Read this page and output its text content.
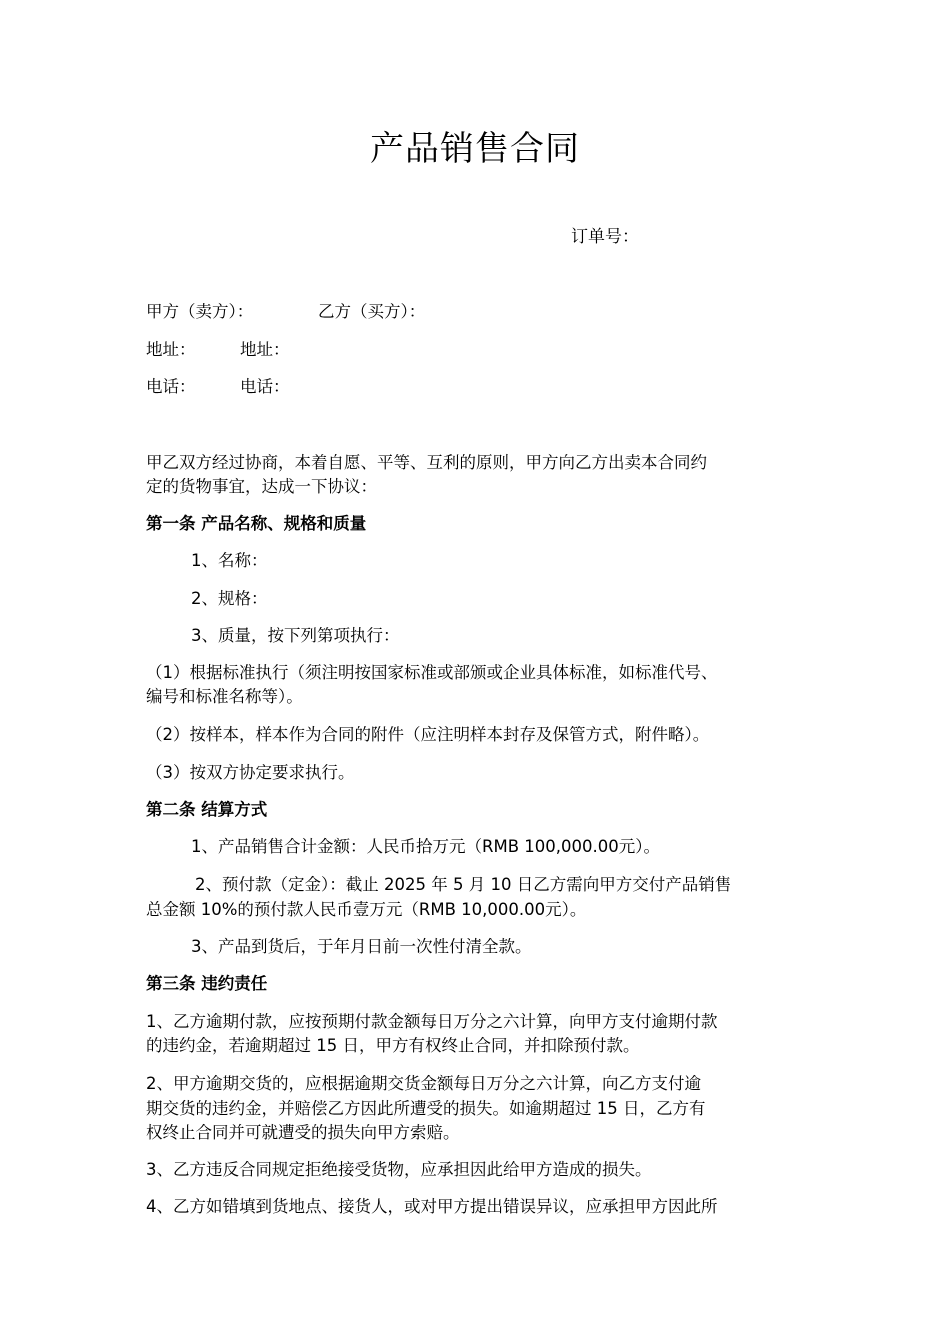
产品销售合同
订单号：
甲方（卖方）：	乙方（买方）：
地址：	地址：
电话：	电话：
甲乙双方经过协商，本着自愿、平等、互利的原则，甲方向乙方出卖本合同约
定的货物事宜，达成一下协议：
第一条 产品名称、规格和质量
1、名称：
2、规格：
3、质量，按下列第项执行：
（1）根据标准执行（须注明按国家标准或部颁或企业具体标准，如标准代号、
编号和标准名称等）。
（2）按样本，样本作为合同的附件（应注明样本封存及保管方式，附件略）。
（3）按双方协定要求执行。
第二条 结算方式
1、产品销售合计金额：人民币拾万元（RMB 100,000.00元）。
2、预付款（定金）：截止 2025 年 5 月 10 日乙方需向甲方交付产品销售
总金额 10%的预付款人民币壹万元（RMB 10,000.00元）。
3、产品到货后，于年月日前一次性付清全款。
第三条 违约责任
1、乙方逾期付款，应按预期付款金额每日万分之六计算，向甲方支付逾期付款
的违约金，若逾期超过 15 日，甲方有权终止合同，并扣除预付款。
2、甲方逾期交货的，应根据逾期交货金额每日万分之六计算，向乙方支付逾
期交货的违约金，并赔偿乙方因此所遭受的损失。如逾期超过 15 日，乙方有
权终止合同并可就遭受的损失向甲方索赔。
3、乙方违反合同规定拒绝接受货物，应承担因此给甲方造成的损失。
4、乙方如错填到货地点、接货人，或对甲方提出错误异议，应承担甲方因此所
